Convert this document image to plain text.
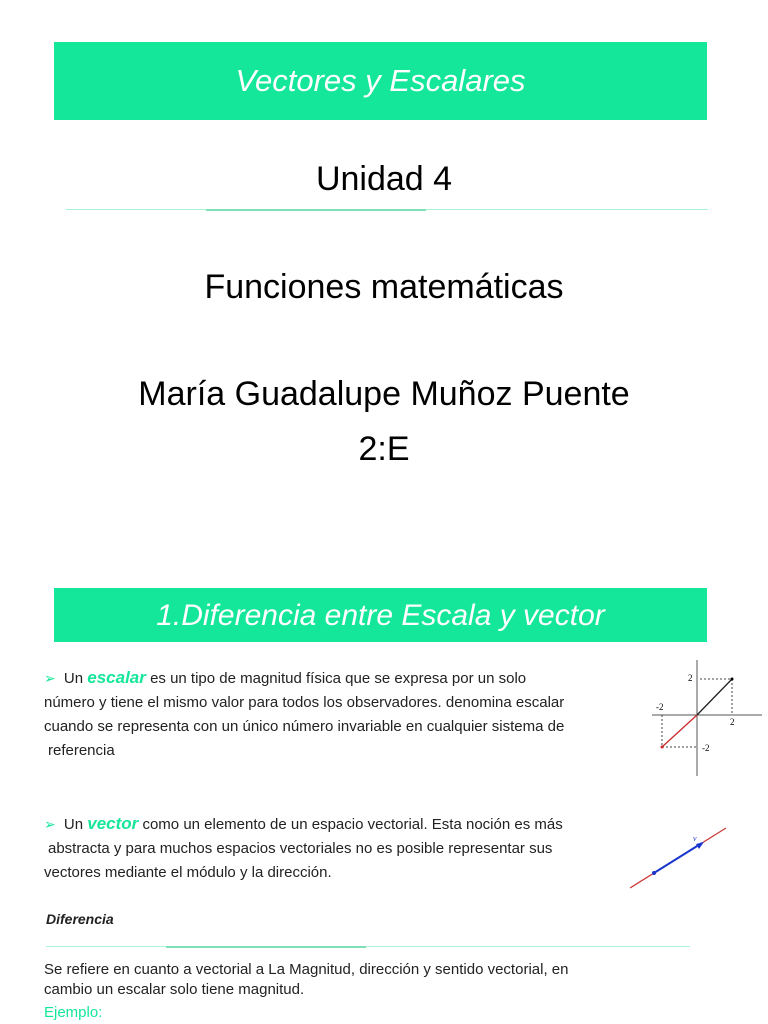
Vectores y Escalares
Unidad 4
Funciones matemáticas
María Guadalupe Muñoz Puente
2:E
1.Diferencia entre Escala y vector
➢ Un escalar es un tipo de magnitud física que se expresa por un solo
número y tiene el mismo valor para todos los observadores. denomina escalar
cuando se representa con un único número invariable en cualquier sistema de
referencia
2
-2
2
-2
➢ Un vector como un elemento de un espacio vectorial. Esta noción es más
abstracta y para muchos espacios vectoriales no es posible representar sus
vectores mediante el módulo y la dirección.
v
Diferencia
Se refiere en cuanto a vectorial a La Magnitud, dirección y sentido vectorial, en
cambio un escalar solo tiene magnitud.
Ejemplo:
